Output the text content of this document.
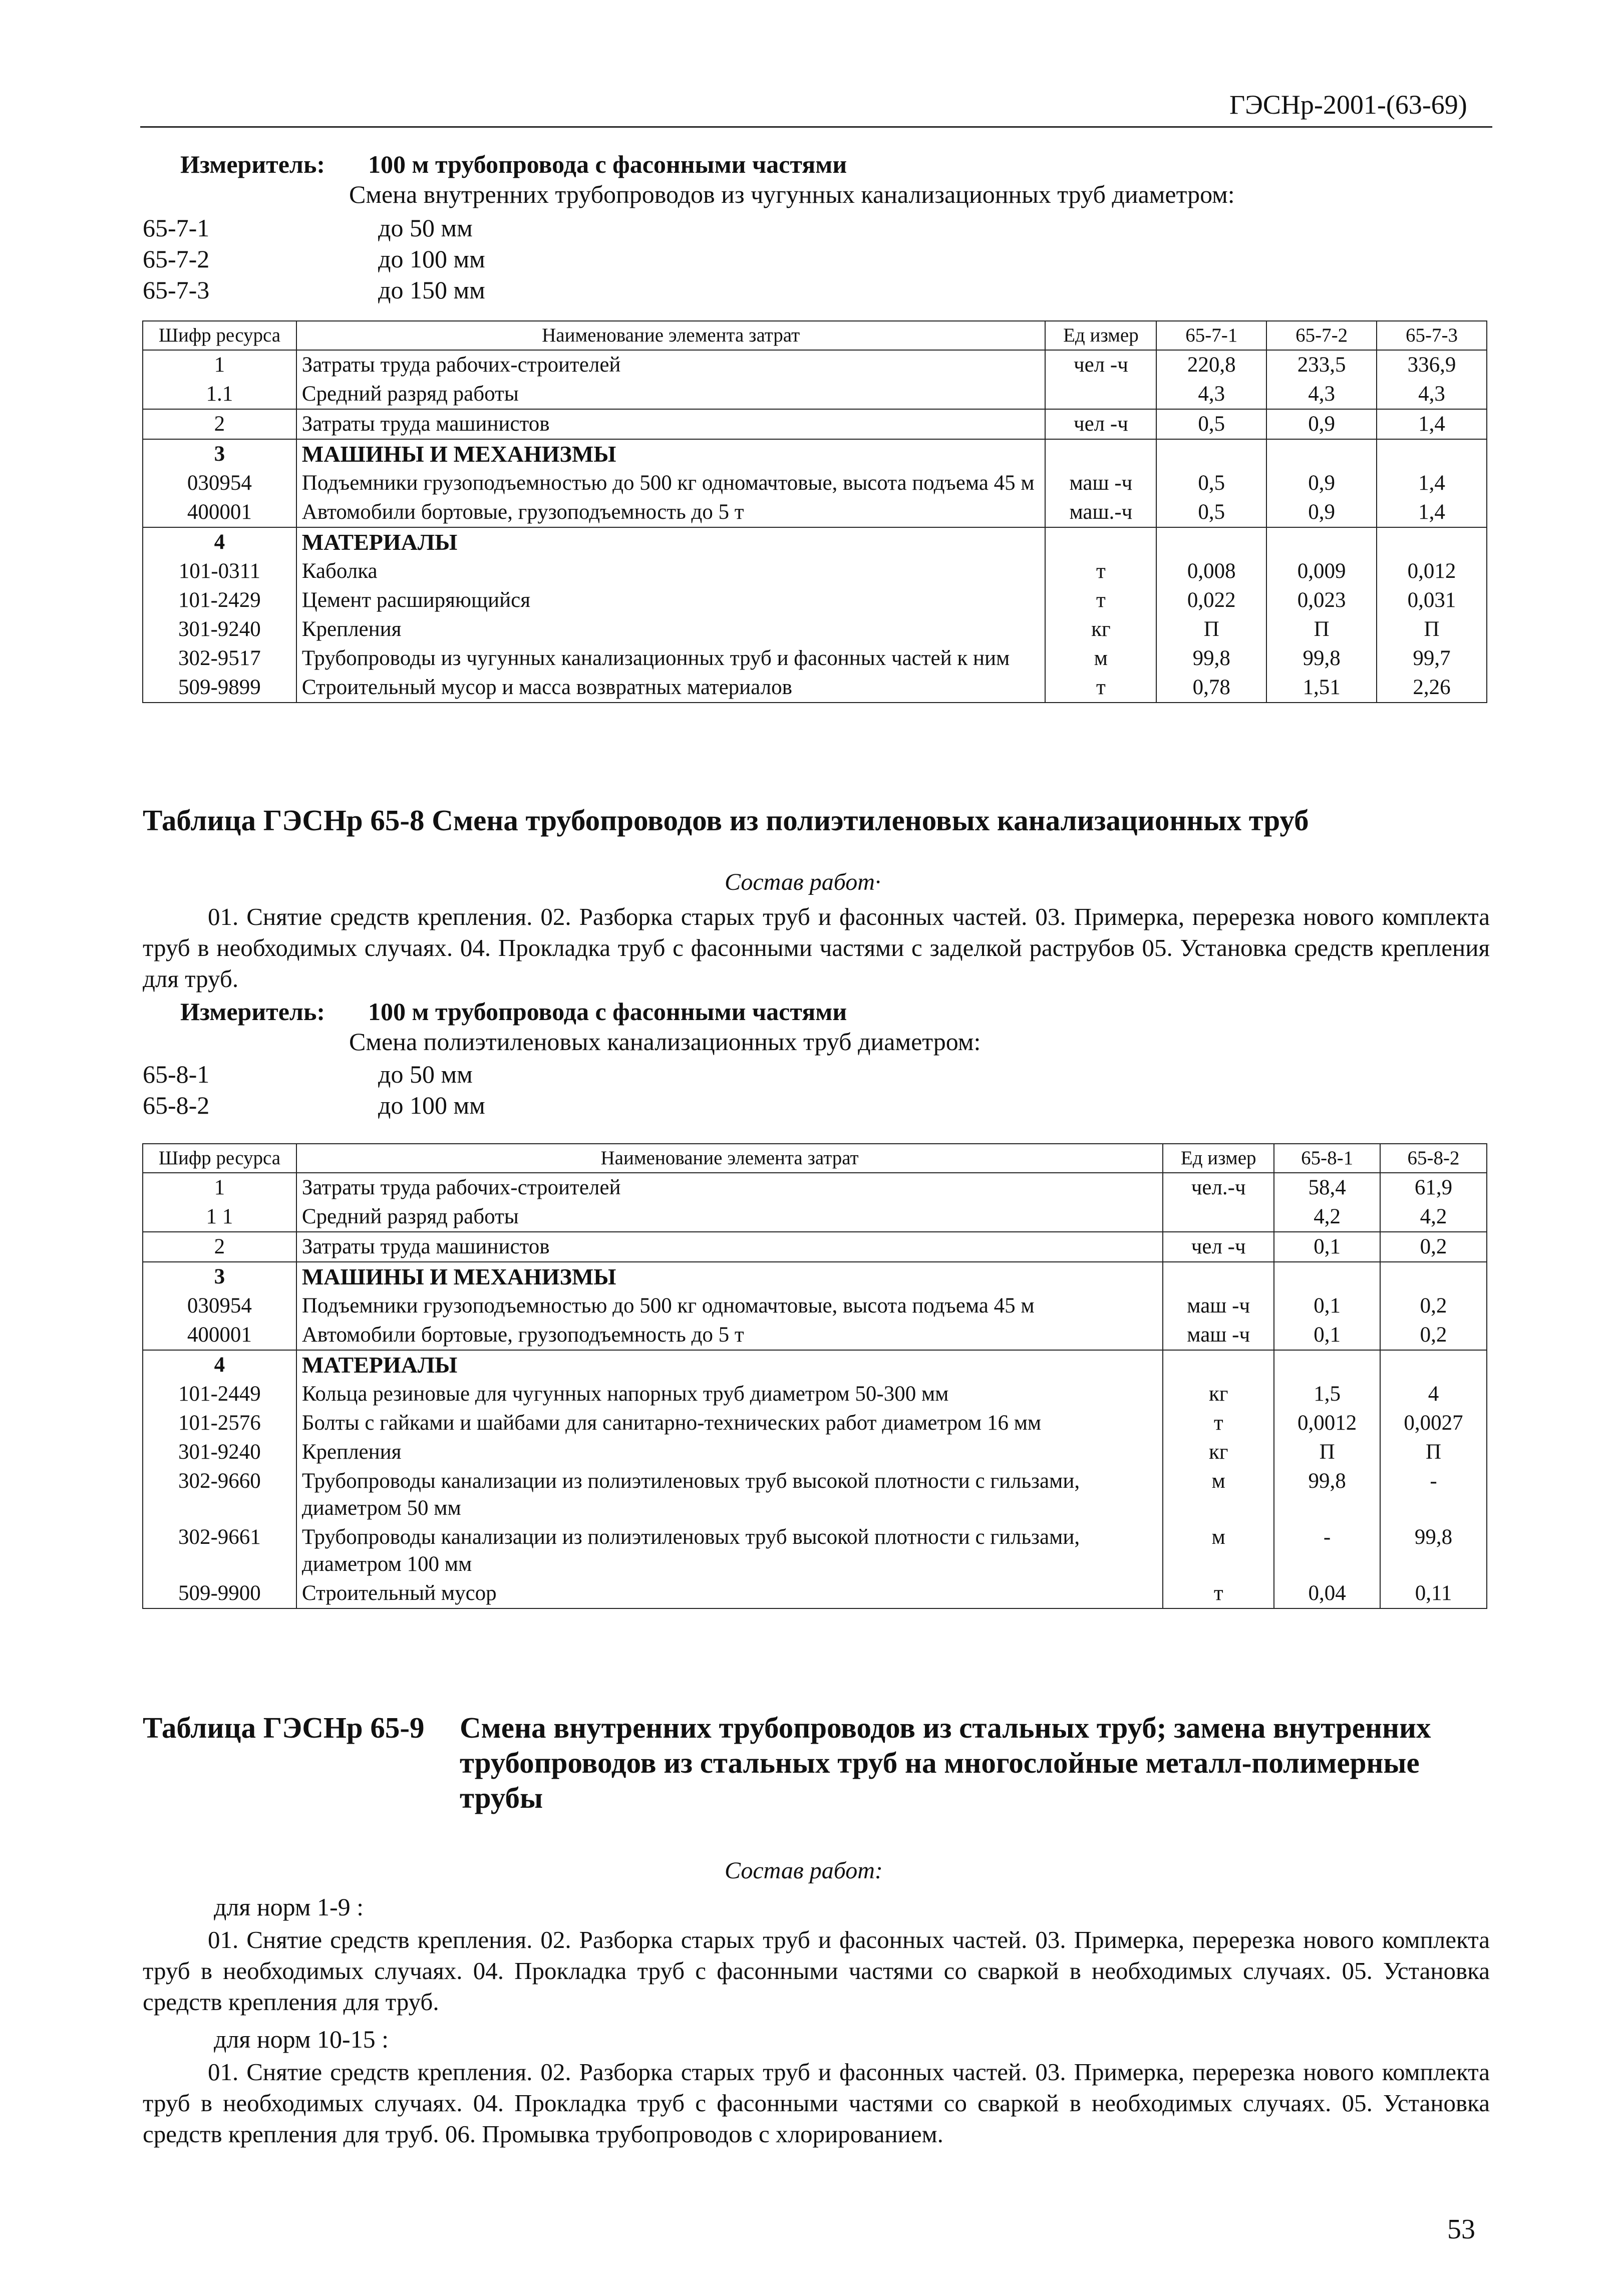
ГЭСНр-2001-(63-69)
Измеритель: 100 м трубопровода с фасонными частями
Смена внутренних трубопроводов из чугунных канализационных труб диаметром:
65-7-1	до 50 мм
65-7-2	до 100 мм
65-7-3	до 150 мм
Шифр ресурса	Наименование элемента затрат	Ед измер	65-7-1	65-7-2	65-7-3
1	Затраты труда рабочих-строителей	чел -ч	220,8	233,5	336,9
1.1	Средний разряд работы		4,3	4,3	4,3
2	Затраты труда машинистов	чел -ч	0,5	0,9	1,4
3	МАШИНЫ И МЕХАНИЗМЫ				
030954	Подъемники грузоподъемностью до 500 кг одномачтовые, высота подъема 45 м	маш -ч	0,5	0,9	1,4
400001	Автомобили бортовые, грузоподъемность до 5 т	маш.-ч	0,5	0,9	1,4
4	МАТЕРИАЛЫ				
101-0311	Каболка	т	0,008	0,009	0,012
101-2429	Цемент расширяющийся	т	0,022	0,023	0,031
301-9240	Крепления	кг	П	П	П
302-9517	Трубопроводы из чугунных канализационных труб и фасонных частей к ним	м	99,8	99,8	99,7
509-9899	Строительный мусор и масса возвратных материалов	т	0,78	1,51	2,26
Таблица ГЭСНр 65-8 Смена трубопроводов из полиэтиленовых канализационных труб
Состав работ·
01. Снятие средств крепления. 02. Разборка старых труб и фасонных частей. 03. Примерка, перерезка нового комплекта труб в необходимых случаях. 04. Прокладка труб с фасонными частями с заделкой раструбов 05. Установка средств крепления для труб.
Измеритель: 100 м трубопровода с фасонными частями
Смена полиэтиленовых канализационных труб диаметром:
65-8-1	до 50 мм
65-8-2	до 100 мм
Шифр ресурса	Наименование элемента затрат	Ед измер	65-8-1	65-8-2
1	Затраты труда рабочих-строителей	чел.-ч	58,4	61,9
1 1	Средний разряд работы		4,2	4,2
2	Затраты труда машинистов	чел -ч	0,1	0,2
3	МАШИНЫ И МЕХАНИЗМЫ			
030954	Подъемники грузоподъемностью до 500 кг одномачтовые, высота подъема 45 м	маш -ч	0,1	0,2
400001	Автомобили бортовые, грузоподъемность до 5 т	маш -ч	0,1	0,2
4	МАТЕРИАЛЫ			
101-2449	Кольца резиновые для чугунных напорных труб диаметром 50-300 мм	кг	1,5	4
101-2576	Болты с гайками и шайбами для санитарно-технических работ диаметром 16 мм	т	0,0012	0,0027
301-9240	Крепления	кг	П	П
302-9660	Трубопроводы канализации из полиэтиленовых труб высокой плотности с гильзами, диаметром 50 мм	м	99,8	-
302-9661	Трубопроводы канализации из полиэтиленовых труб высокой плотности с гильзами, диаметром 100 мм	м	-	99,8
509-9900	Строительный мусор	т	0,04	0,11
Таблица ГЭСНр 65-9 Смена внутренних трубопроводов из стальных труб; замена внутренних трубопроводов из стальных труб на многослойные металл-полимерные трубы
Состав работ:
для норм 1-9 :
01. Снятие средств крепления. 02. Разборка старых труб и фасонных частей. 03. Примерка, перерезка нового комплекта труб в необходимых случаях. 04. Прокладка труб с фасонными частями со сваркой в необходимых случаях. 05. Установка средств крепления для труб.
для норм 10-15 :
01. Снятие средств крепления. 02. Разборка старых труб и фасонных частей. 03. Примерка, перерезка нового комплекта труб в необходимых случаях. 04. Прокладка труб с фасонными частями со сваркой в необходимых случаях. 05. Установка средств крепления для труб. 06. Промывка трубопроводов с хлорированием.
53
